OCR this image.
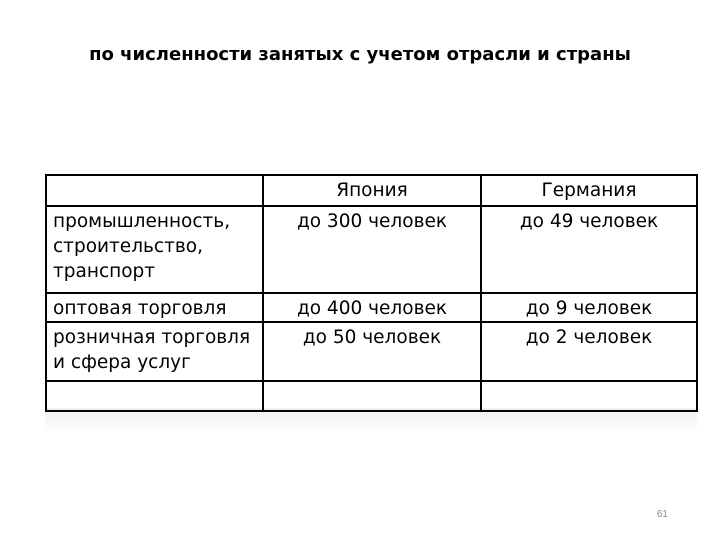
по численности занятых с учетом отрасли и страны
	Япония	Германия

промышленность,
строительство,
транспорт	до 300 человек	до 49 человек

оптовая торговля	до 400 человек	до 9 человек

розничная торговля
и сфера услуг	до 50 человек	до 2 человек

61
